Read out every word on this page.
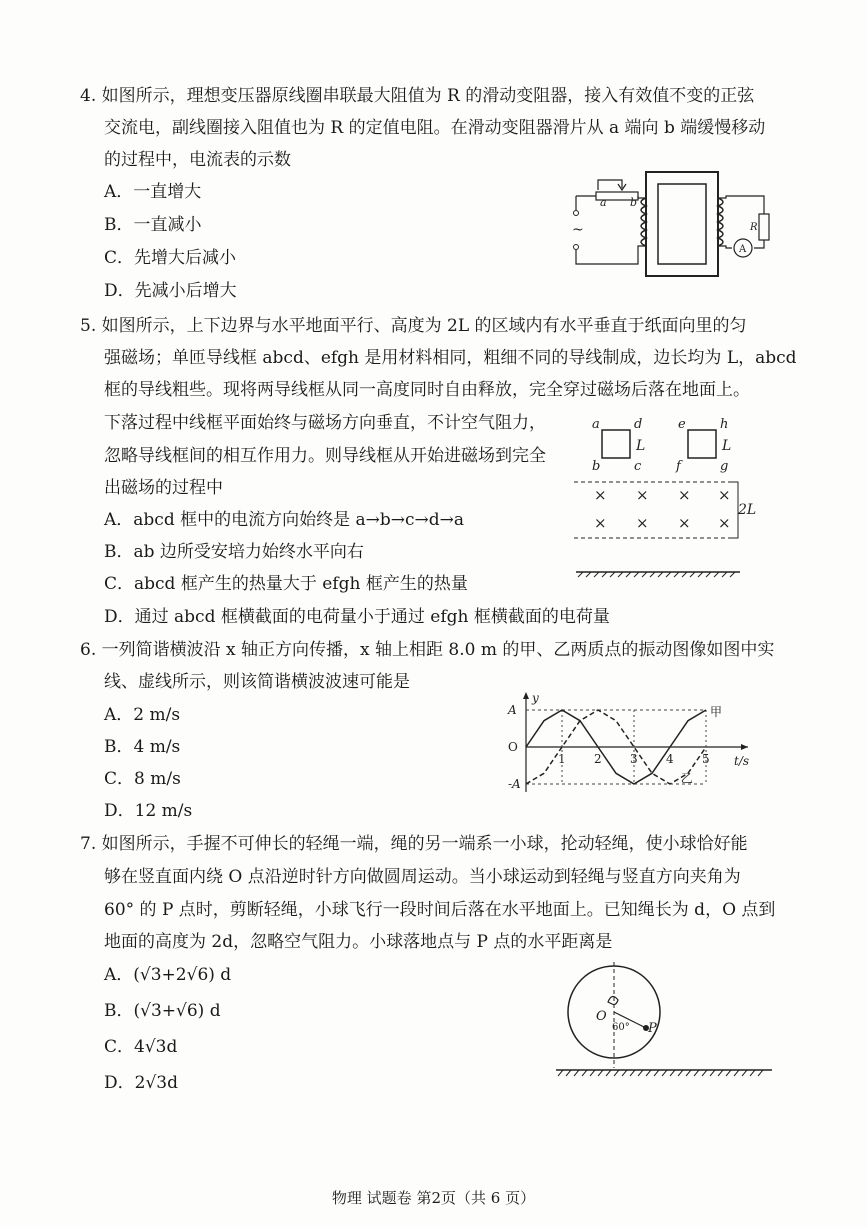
4. 如图所示，理想变压器原线圈串联最大阻值为 R 的滑动变阻器，接入有效值不变的正弦
交流电，副线圈接入阻值也为 R 的定值电阻。在滑动变阻器滑片从 a 端向 b 端缓慢移动
的过程中，电流表的示数
A．一直增大
B．一直减小
C．先增大后减小
D．先减小后增大
a b
~	R
A
5. 如图所示，上下边界与水平地面平行、高度为 2L 的区域内有水平垂直于纸面向里的匀
强磁场；单匝导线框 abcd、efgh 是用材料相同，粗细不同的导线制成，边长均为 L，abcd
框的导线粗些。现将两导线框从同一高度同时自由释放，完全穿过磁场后落在地面上。
下落过程中线框平面始终与磁场方向垂直，不计空气阻力，
忽略导线框间的相互作用力。则导线框从开始进磁场到完全
出磁场的过程中
A．abcd 框中的电流方向始终是 a→b→c→d→a
B．ab 边所受安培力始终水平向右
C．abcd 框产生的热量大于 efgh 框产生的热量
D．通过 abcd 框横截面的电荷量小于通过 efgh 框横截面的电荷量
a	d
b	c
L
e	h
f	g
L
2L
× × × ×
× × × ×
6. 一列简谐横波沿 x 轴正方向传播，x 轴上相距 8.0 m 的甲、乙两质点的振动图像如图中实
线、虚线所示，则该简谐横波波速可能是
A．2 m/s
B．4 m/s
C．8 m/s
D．12 m/s
y
t/s
A
O
-A
1 2 3 4 5
甲
乙
7. 如图所示，手握不可伸长的轻绳一端，绳的另一端系一小球，抡动轻绳，使小球恰好能
够在竖直面内绕 O 点沿逆时针方向做圆周运动。当小球运动到轻绳与竖直方向夹角为
60° 的 P 点时，剪断轻绳，小球飞行一段时间后落在水平地面上。已知绳长为 d，O 点到
地面的高度为 2d，忽略空气阻力。小球落地点与 P 点的水平距离是
A．(√3+2√6) d
B．(√3+√6) d
C．4√3d
D．2√3d
O
60° P
物理 试题卷 第2页（共 6 页）
